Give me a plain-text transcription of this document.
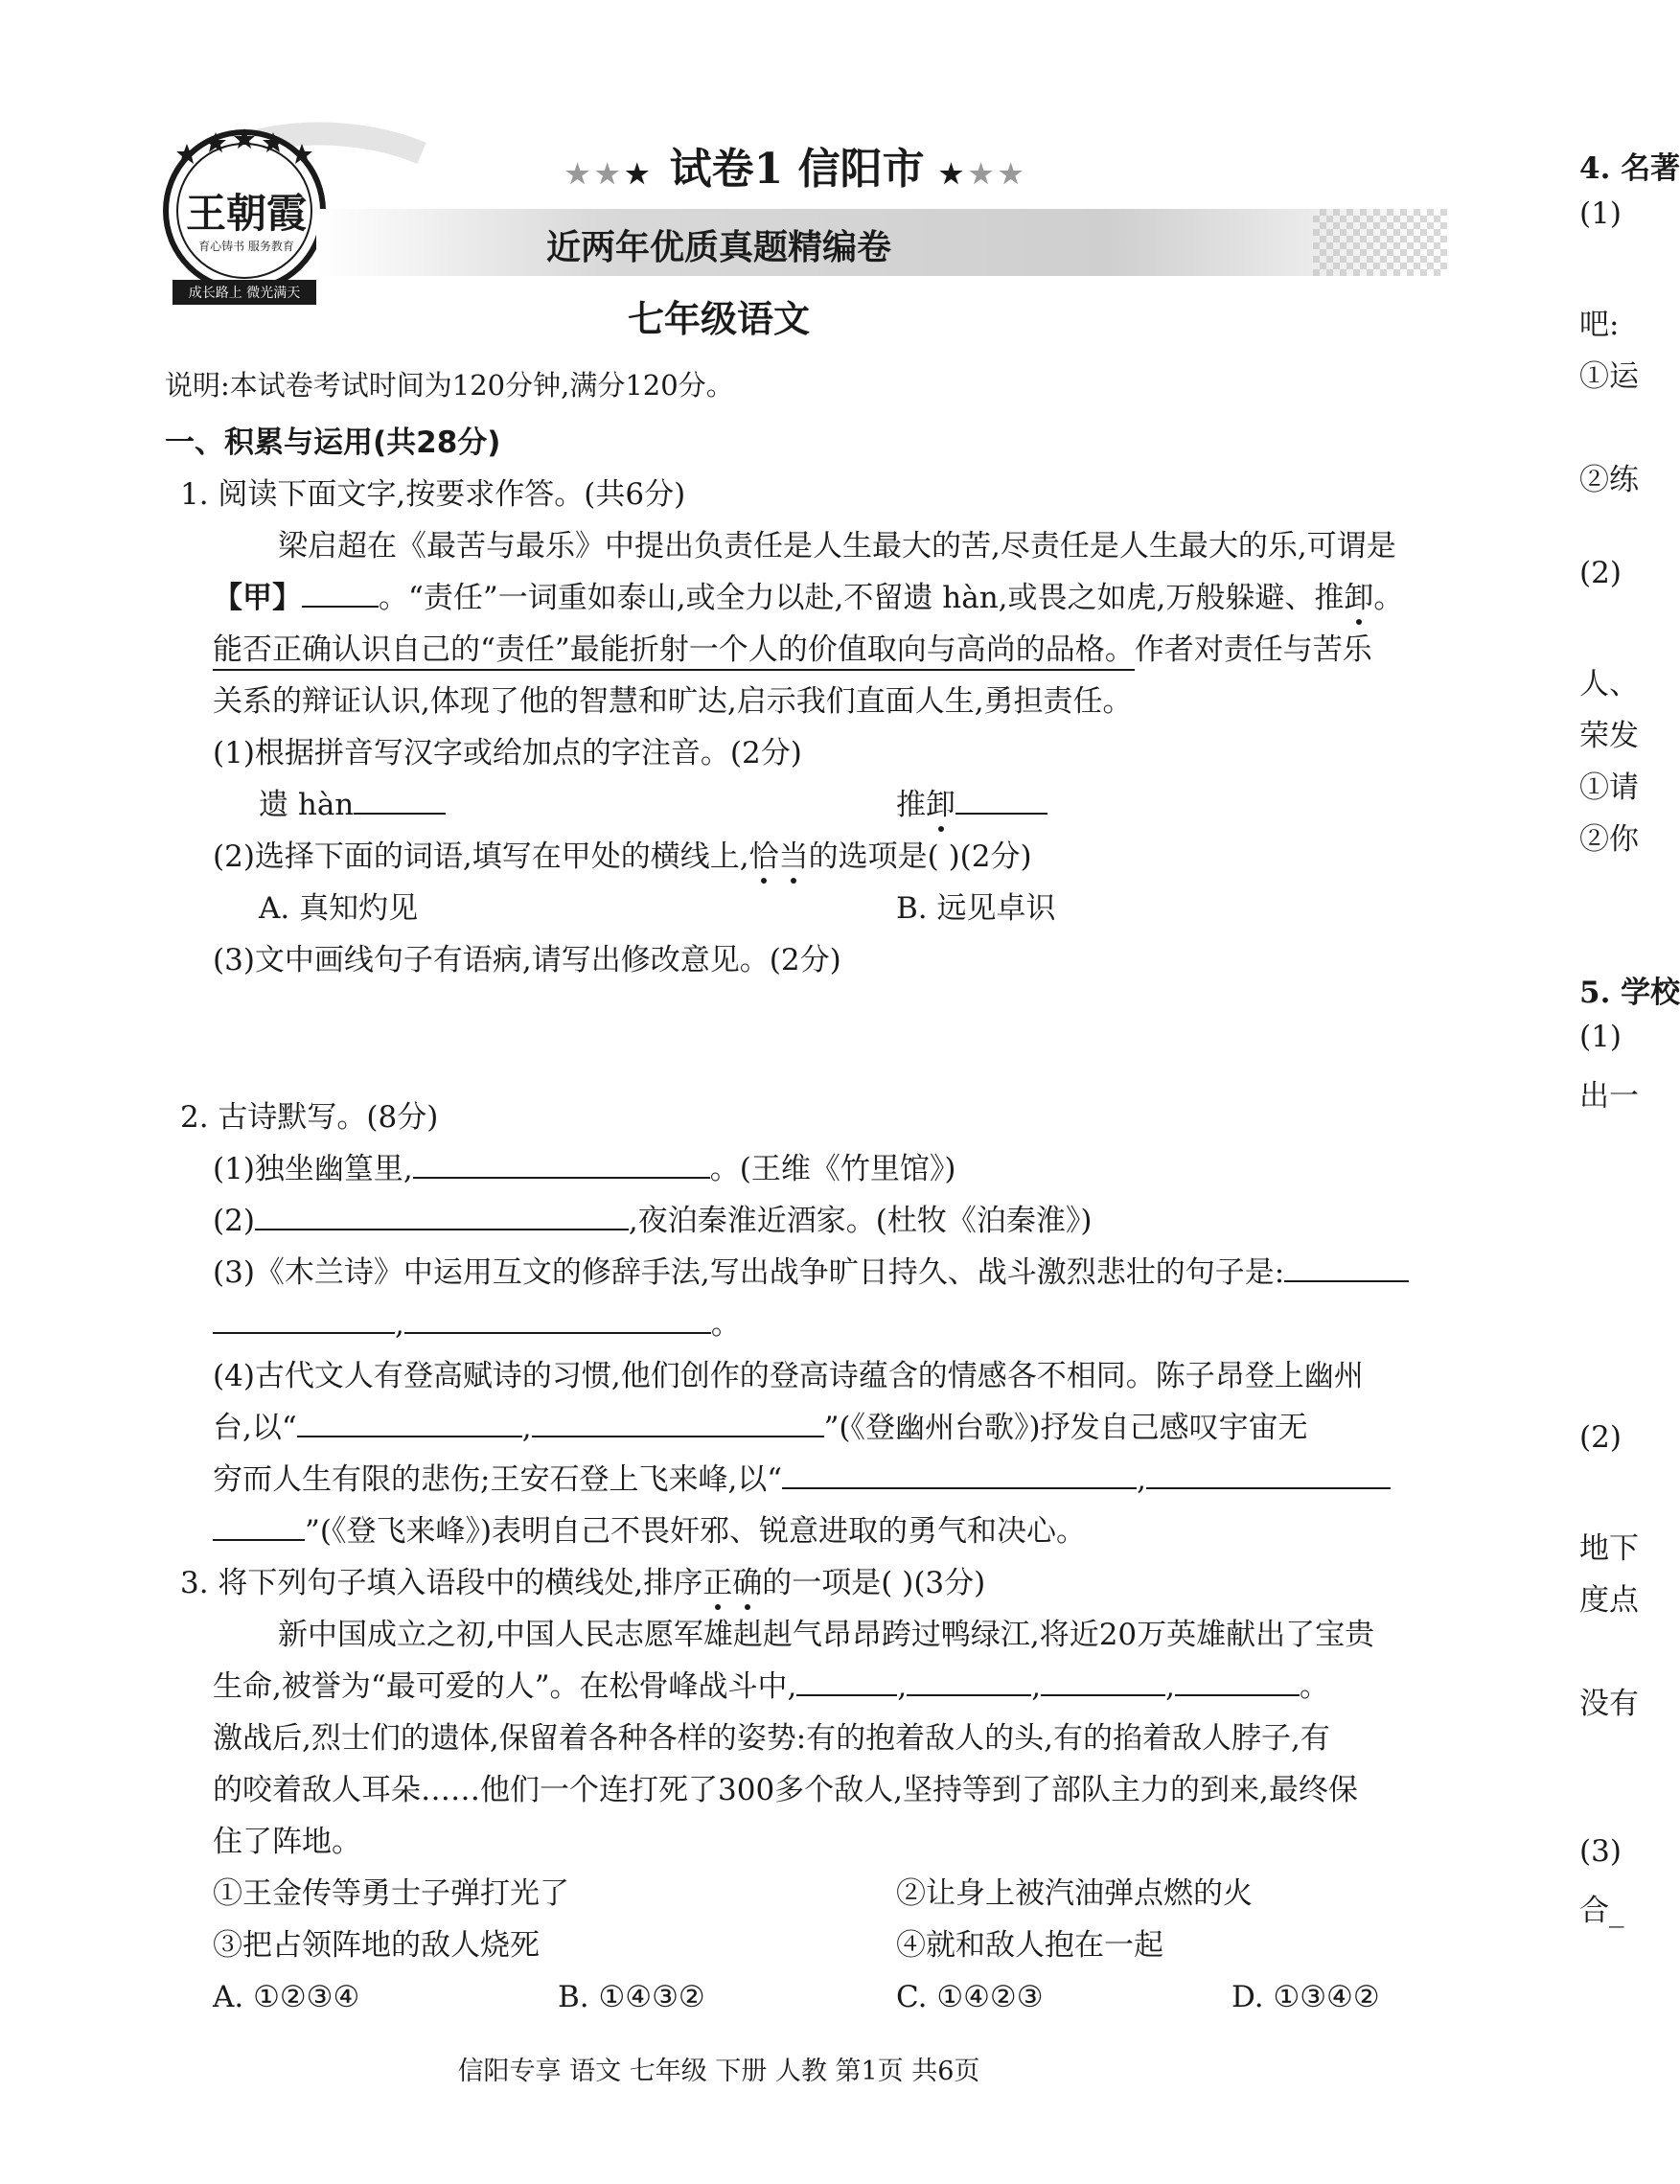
王朝霞
育心铸书 服务教育
成长路上 微光满天
★★★ 试卷1 信阳市 ★★★
近两年优质真题精编卷
七年级语文
说明:本试卷考试时间为120分钟,满分120分。
一、积累与运用(共28分)
1. 阅读下面文字,按要求作答。(共6分)
梁启超在《最苦与最乐》中提出负责任是人生最大的苦,尽责任是人生最大的乐,可谓是
【甲】	。“责任”一词重如泰山,或全力以赴,不留遗 hàn,或畏之如虎,万般躲避、推卸。
能否正确认识自己的“责任”最能折射一个人的价值取向与高尚的品格。作者对责任与苦乐
关系的辩证认识,体现了他的智慧和旷达,启示我们直面人生,勇担责任。
(1)根据拼音写汉字或给加点的字注音。(2分)
遗 hàn	推卸
(2)选择下面的词语,填写在甲处的横线上,恰当的选项是( )(2分)
A. 真知灼见	B. 远见卓识
(3)文中画线句子有语病,请写出修改意见。(2分)
2. 古诗默写。(8分)
(1)独坐幽篁里,	。(王维《竹里馆》)
(2)	,夜泊秦淮近酒家。(杜牧《泊秦淮》)
(3)《木兰诗》中运用互文的修辞手法,写出战争旷日持久、战斗激烈悲壮的句子是:
,	。
(4)古代文人有登高赋诗的习惯,他们创作的登高诗蕴含的情感各不相同。陈子昂登上幽州
台,以“	,	”(《登幽州台歌》)抒发自己感叹宇宙无
穷而人生有限的悲伤;王安石登上飞来峰,以“	,
”(《登飞来峰》)表明自己不畏奸邪、锐意进取的勇气和决心。
3. 将下列句子填入语段中的横线处,排序正确的一项是( )(3分)
新中国成立之初,中国人民志愿军雄赳赳气昂昂跨过鸭绿江,将近20万英雄献出了宝贵
生命,被誉为“最可爱的人”。在松骨峰战斗中,	,	,	,	。
激战后,烈士们的遗体,保留着各种各样的姿势:有的抱着敌人的头,有的掐着敌人脖子,有
的咬着敌人耳朵……他们一个连打死了300多个敌人,坚持等到了部队主力的到来,最终保
住了阵地。
①王金传等勇士子弹打光了	②让身上被汽油弹点燃的火
③把占领阵地的敌人烧死	④就和敌人抱在一起
A. ①②③④	B. ①④③②	C. ①④②③	D. ①③④②
信阳专享 语文 七年级 下册 人教 第1页 共6页
4. 名著
(1)
吧:
①运
②练
(2)
人、
荣发
①请
②你
5. 学校
(1)
出一
(2)
地下
度点
没有
(3)
合_
